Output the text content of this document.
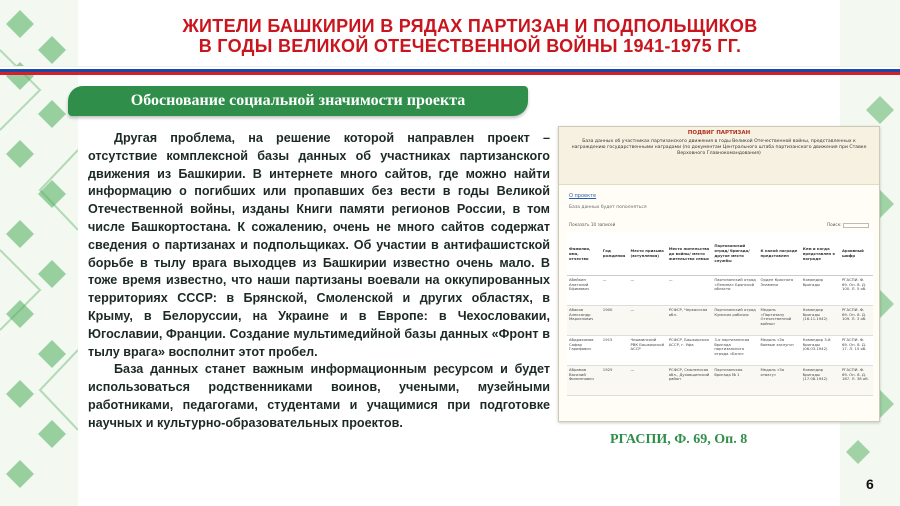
ЖИТЕЛИ БАШКИРИИ В РЯДАХ ПАРТИЗАН И ПОДПОЛЬЩИКОВ
В ГОДЫ ВЕЛИКОЙ ОТЕЧЕСТВЕННОЙ ВОЙНЫ 1941-1975 ГГ.
Обоснование социальной значимости проекта

Другая проблема, на решение которой направлен проект – отсутствие комплексной базы данных об участниках партизанского движения из Башкирии. В интернете много сайтов, где можно найти информацию о погибших или пропавших без вести в годы Великой Отечественной войны, изданы Книги памяти регионов России, в том числе Башкортостана. К сожалению, очень не много сайтов содержат сведения о партизанах и подпольщиках. Об участии в антифашистской борьбе в тылу врага выходцев из Башкирии известно очень мало. В тоже время известно, что наши партизаны воевали на оккупированных территориях СССР: в Брянской, Смоленской и других областях, в Крыму, в Белоруссии, на Украине и в Европе: в Чехословакии, Югославии, Франции. Создание мультимедийной базы данных «Фронт в тылу врага» восполнит этот пробел.

База данных станет важным информационным ресурсом и будет использоваться родственниками воинов, учеными, музейными работниками, педагогами, студентами и учащимися при подготовке научных и культурно-образовательных проектов.

ПОДВИГ ПАРТИЗАН
База данных об участниках партизанского движения в годы Великой Отечественной войны, представленных к награждению государственными наградами (по документам Центрального штаба партизанского движения при Ставке Верховного Главнокомандования)
О проекте
База данных будет пополняться
Показать 10 записей	Поиск:
Фамилия, имя, отчество	Год рождения	Место призыва (вступления)	Место жительства до войны/ место жительства семьи	Партизанский отряд/ бригада/ другое место службы	К какой награде представлен	Кем и когда представлен к награде	Архивный шифр
Абейкин Анатолий Ефимович	—	—	—	Партизанский отряд «Ленина» Брянской области	Орден Красного Знамени	Командир бригады	РГАСПИ. Ф. 69. Оп. 8. Д. 100. Л. 5 об.
Абаков Александр Маркелович	1900	—	РСФСР, Черкасская обл.	Партизанский отряд Кумских рабочих	Медаль «Партизану Отечественной войны»	Командир бригады (16.11.1942)	РГАСПИ. Ф. 69. Оп. 8. Д. 109. Л. 3 об.
Абдрахимов Сафар Гарифович	1915	Чишминский РВК Башкирской АССР	РСФСР, Башкирская АССР, г. Уфа	3-я партизанская бригада партизанского отряда «Бати»	Медаль «За боевые заслуги»	Командир 3-й бригады (06.03.1942)	РГАСПИ. Ф. 69. Оп. 8. Д. 17. Л. 15 об.
Абрамов Василий Филиппович	1925	—	РСФСР, Смоленская обл., Духовщинский район	Партизанская бригада № 1	Медаль «За отвагу»	Командир бригады (17.08.1942)	РГАСПИ. Ф. 69. Оп. 8. Д. 187. Л. 38 об.
РГАСПИ, Ф. 69, Оп. 8
6
